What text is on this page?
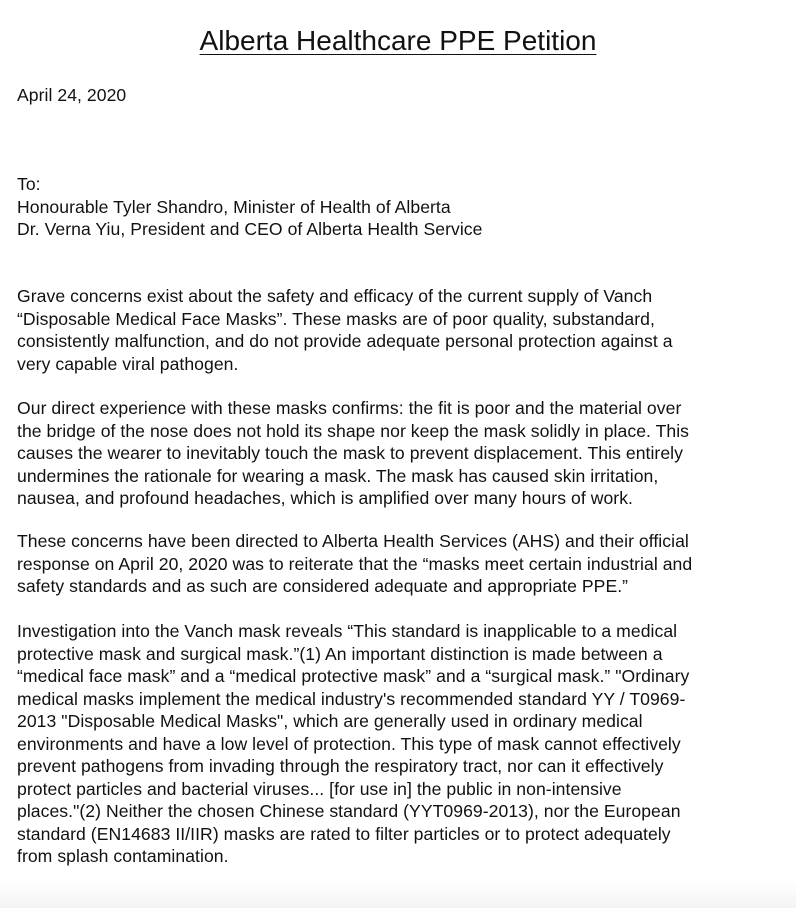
Alberta Healthcare PPE Petition
April 24, 2020
To:
Honourable Tyler Shandro, Minister of Health of Alberta
Dr. Verna Yiu, President and CEO of Alberta Health Service
Grave concerns exist about the safety and efficacy of the current supply of Vanch
“Disposable Medical Face Masks”. These masks are of poor quality, substandard,
consistently malfunction, and do not provide adequate personal protection against a
very capable viral pathogen.
Our direct experience with these masks confirms: the fit is poor and the material over
the bridge of the nose does not hold its shape nor keep the mask solidly in place. This
causes the wearer to inevitably touch the mask to prevent displacement. This entirely
undermines the rationale for wearing a mask. The mask has caused skin irritation,
nausea, and profound headaches, which is amplified over many hours of work.
These concerns have been directed to Alberta Health Services (AHS) and their official
response on April 20, 2020 was to reiterate that the “masks meet certain industrial and
safety standards and as such are considered adequate and appropriate PPE.”
Investigation into the Vanch mask reveals “This standard is inapplicable to a medical
protective mask and surgical mask.”(1) An important distinction is made between a
“medical face mask” and a “medical protective mask” and a “surgical mask.” "Ordinary
medical masks implement the medical industry's recommended standard YY / T0969-
2013 "Disposable Medical Masks", which are generally used in ordinary medical
environments and have a low level of protection. This type of mask cannot effectively
prevent pathogens from invading through the respiratory tract, nor can it effectively
protect particles and bacterial viruses... [for use in] the public in non-intensive
places."(2) Neither the chosen Chinese standard (YYT0969-2013), nor the European
standard (EN14683 II/IIR) masks are rated to filter particles or to protect adequately
from splash contamination.
